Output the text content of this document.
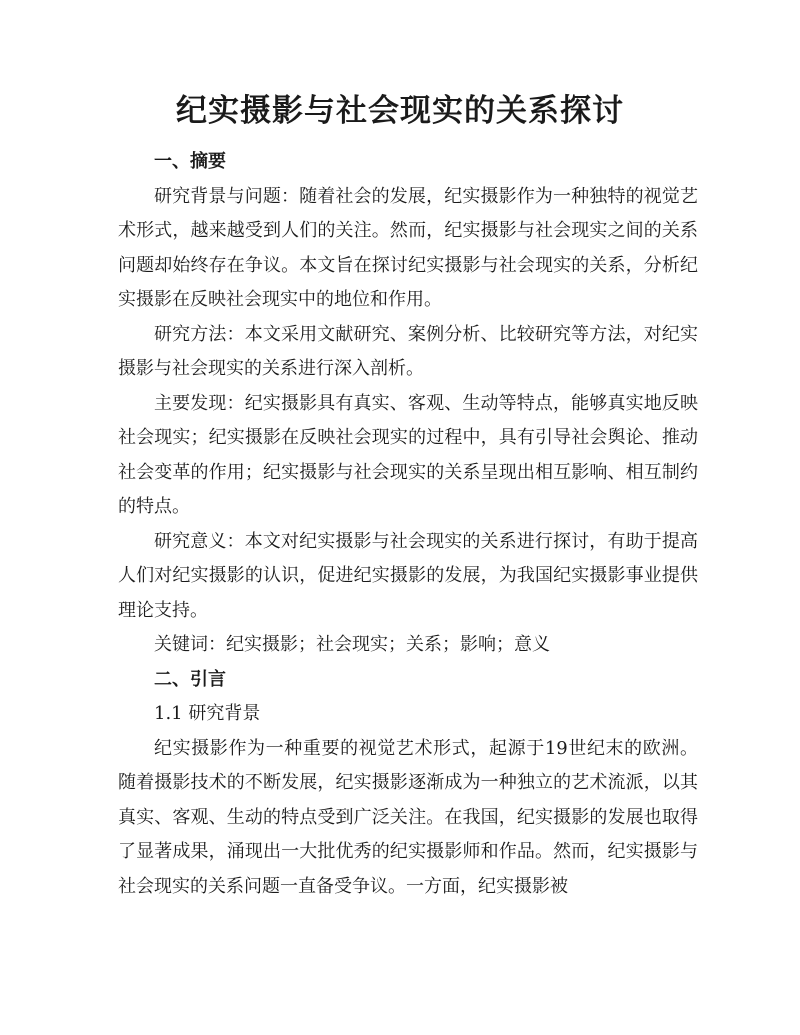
纪实摄影与社会现实的关系探讨

一、摘要

研究背景与问题：随着社会的发展，纪实摄影作为一种独特的视觉艺术形式，越来越受到人们的关注。然而，纪实摄影与社会现实之间的关系问题却始终存在争议。本文旨在探讨纪实摄影与社会现实的关系，分析纪实摄影在反映社会现实中的地位和作用。

研究方法：本文采用文献研究、案例分析、比较研究等方法，对纪实摄影与社会现实的关系进行深入剖析。

主要发现：纪实摄影具有真实、客观、生动等特点，能够真实地反映社会现实；纪实摄影在反映社会现实的过程中，具有引导社会舆论、推动社会变革的作用；纪实摄影与社会现实的关系呈现出相互影响、相互制约的特点。

研究意义：本文对纪实摄影与社会现实的关系进行探讨，有助于提高人们对纪实摄影的认识，促进纪实摄影的发展，为我国纪实摄影事业提供理论支持。

关键词：纪实摄影；社会现实；关系；影响；意义

二、引言

1.1 研究背景

纪实摄影作为一种重要的视觉艺术形式，起源于19世纪末的欧洲。随着摄影技术的不断发展，纪实摄影逐渐成为一种独立的艺术流派，以其真实、客观、生动的特点受到广泛关注。在我国，纪实摄影的发展也取得了显著成果，涌现出一大批优秀的纪实摄影师和作品。然而，纪实摄影与社会现实的关系问题一直备受争议。一方面，纪实摄影被
